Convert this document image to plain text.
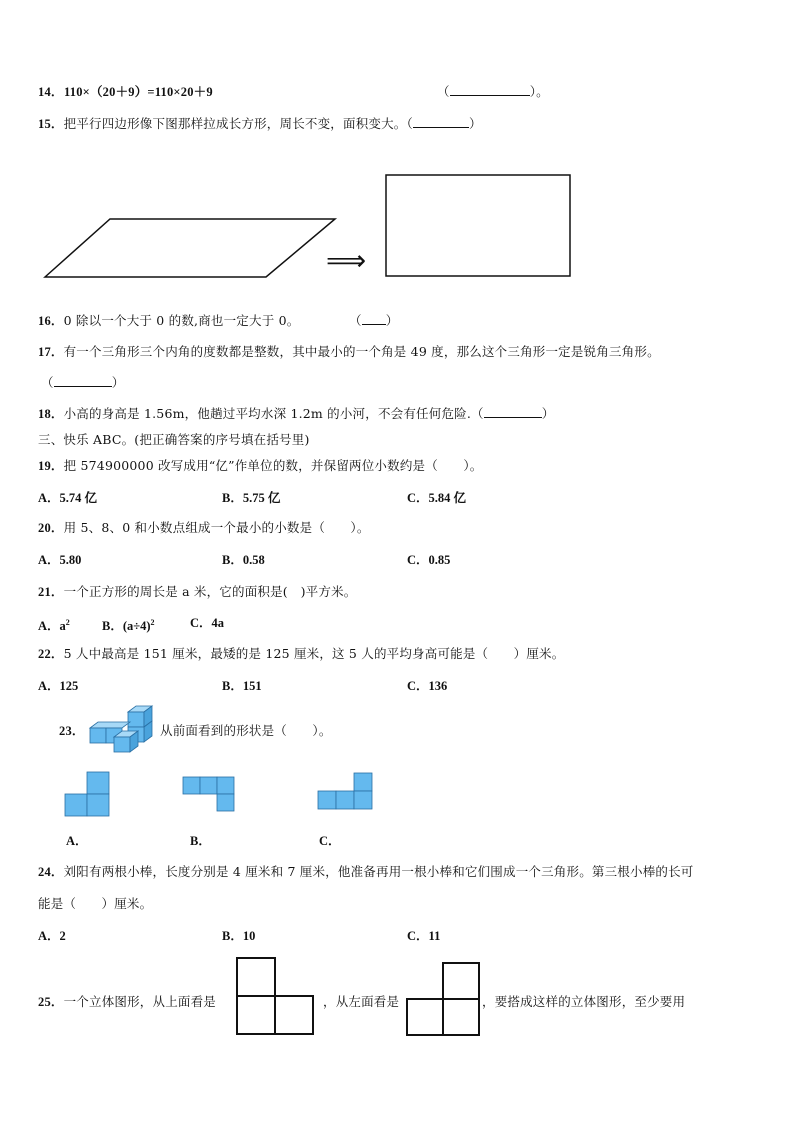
14． 110×（20＋9）=110×20＋9	（	）。
15．把平行四边形像下图那样拉成长方形，周长不变，面积变大。（	）
⟹
16．0 除以一个大于 0 的数,商也一定大于 0。	（ ）
17．有一个三角形三个内角的度数都是整数，其中最小的一个角是 49 度，那么这个三角形一定是锐角三角形。
（	）
18．小高的身高是 1.56m，他趟过平均水深 1.2m 的小河，不会有任何危险.（	）
三、快乐 ABC。(把正确答案的序号填在括号里)
19．把 574900000 改写成用“亿”作单位的数，并保留两位小数约是（　　）。
A．5.74 亿	B．5.75 亿	C．5.84 亿
20．用 5、8、0 和小数点组成一个最小的小数是（　　）。
A．5.80	B．0.58	C．0.85
21．一个正方形的周长是 a 米，它的面积是(　)平方米。
A．$a^2$	B．$(a\div 4)^2$	C．4a
22．5 人中最高是 151 厘米，最矮的是 125 厘米，这 5 人的平均身高可能是（　　）厘米。
A．125	B．151	C．136
23．	从前面看到的形状是（　　）。
A．	B．	C．
24．刘阳有两根小棒，长度分别是 4 厘米和 7 厘米，他准备再用一根小棒和它们围成一个三角形。第三根小棒的长可
能是（　　）厘米。
A．2	B．10	C．11
25．一个立体图形，从上面看是	，从左面看是	，要搭成这样的立体图形，至少要用
